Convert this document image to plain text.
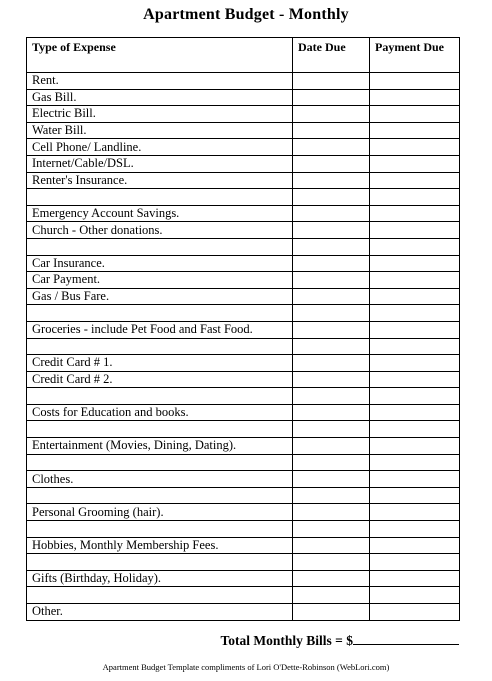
Apartment Budget - Monthly
Type of Expense	Date Due	Payment Due
Rent.		
Gas Bill.		
Electric Bill.		
Water Bill.		
Cell Phone/ Landline.		
Internet/Cable/DSL.		
Renter's Insurance.		

Emergency Account Savings.		
Church - Other donations.		

Car Insurance.		
Car Payment.		
Gas / Bus Fare.		

Groceries - include Pet Food and Fast Food.		

Credit Card # 1.		
Credit Card # 2.		

Costs for Education and books.		

Entertainment (Movies, Dining, Dating).		

Clothes.		

Personal Grooming (hair).		

Hobbies, Monthly Membership Fees.		

Gifts (Birthday, Holiday).		

Other.		
Total Monthly Bills = $
Apartment Budget Template compliments of Lori O'Dette-Robinson (WebLori.com)
